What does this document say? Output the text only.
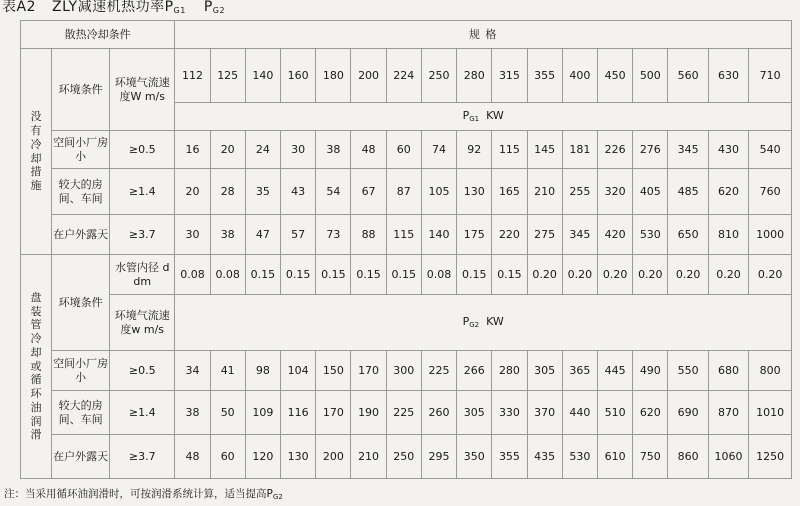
表A2 ZLY减速机热功率$P_{G1}$ $P_{G2}$
散热冷却条件			规 格																
没有冷却措施	环境条件	环境气流速度W m/s	112	125	140	160	180	200	224	250	280	315	355	400	450	500	560	630	710
			$P_{G1}$ KW																
	空间小厂房小	≥0.5	16	20	24	30	38	48	60	74	92	115	145	181	226	276	345	430	540
	较大的房间、车间	≥1.4	20	28	35	43	54	67	87	105	130	165	210	255	320	405	485	620	760
	在户外露天	≥3.7	30	38	47	57	73	88	115	140	175	220	275	345	420	530	650	810	1000
盘装管冷却或循环油润滑	环境条件	水管内径 d dm	0.08	0.08	0.15	0.15	0.15	0.15	0.15	0.08	0.15	0.15	0.20	0.20	0.20	0.20	0.20	0.20	0.20
		环境气流速度w m/s	$P_{G2}$ KW																
	空间小厂房小	≥0.5	34	41	98	104	150	170	300	225	266	280	305	365	445	490	550	680	800
	较大的房间、车间	≥1.4	38	50	109	116	170	190	225	260	305	330	370	440	510	620	690	870	1010
	在户外露天	≥3.7	48	60	120	130	200	210	250	295	350	355	435	530	610	750	860	1060	1250
注：当采用循环油润滑时，可按润滑系统计算，适当提高$P_{G2}$
